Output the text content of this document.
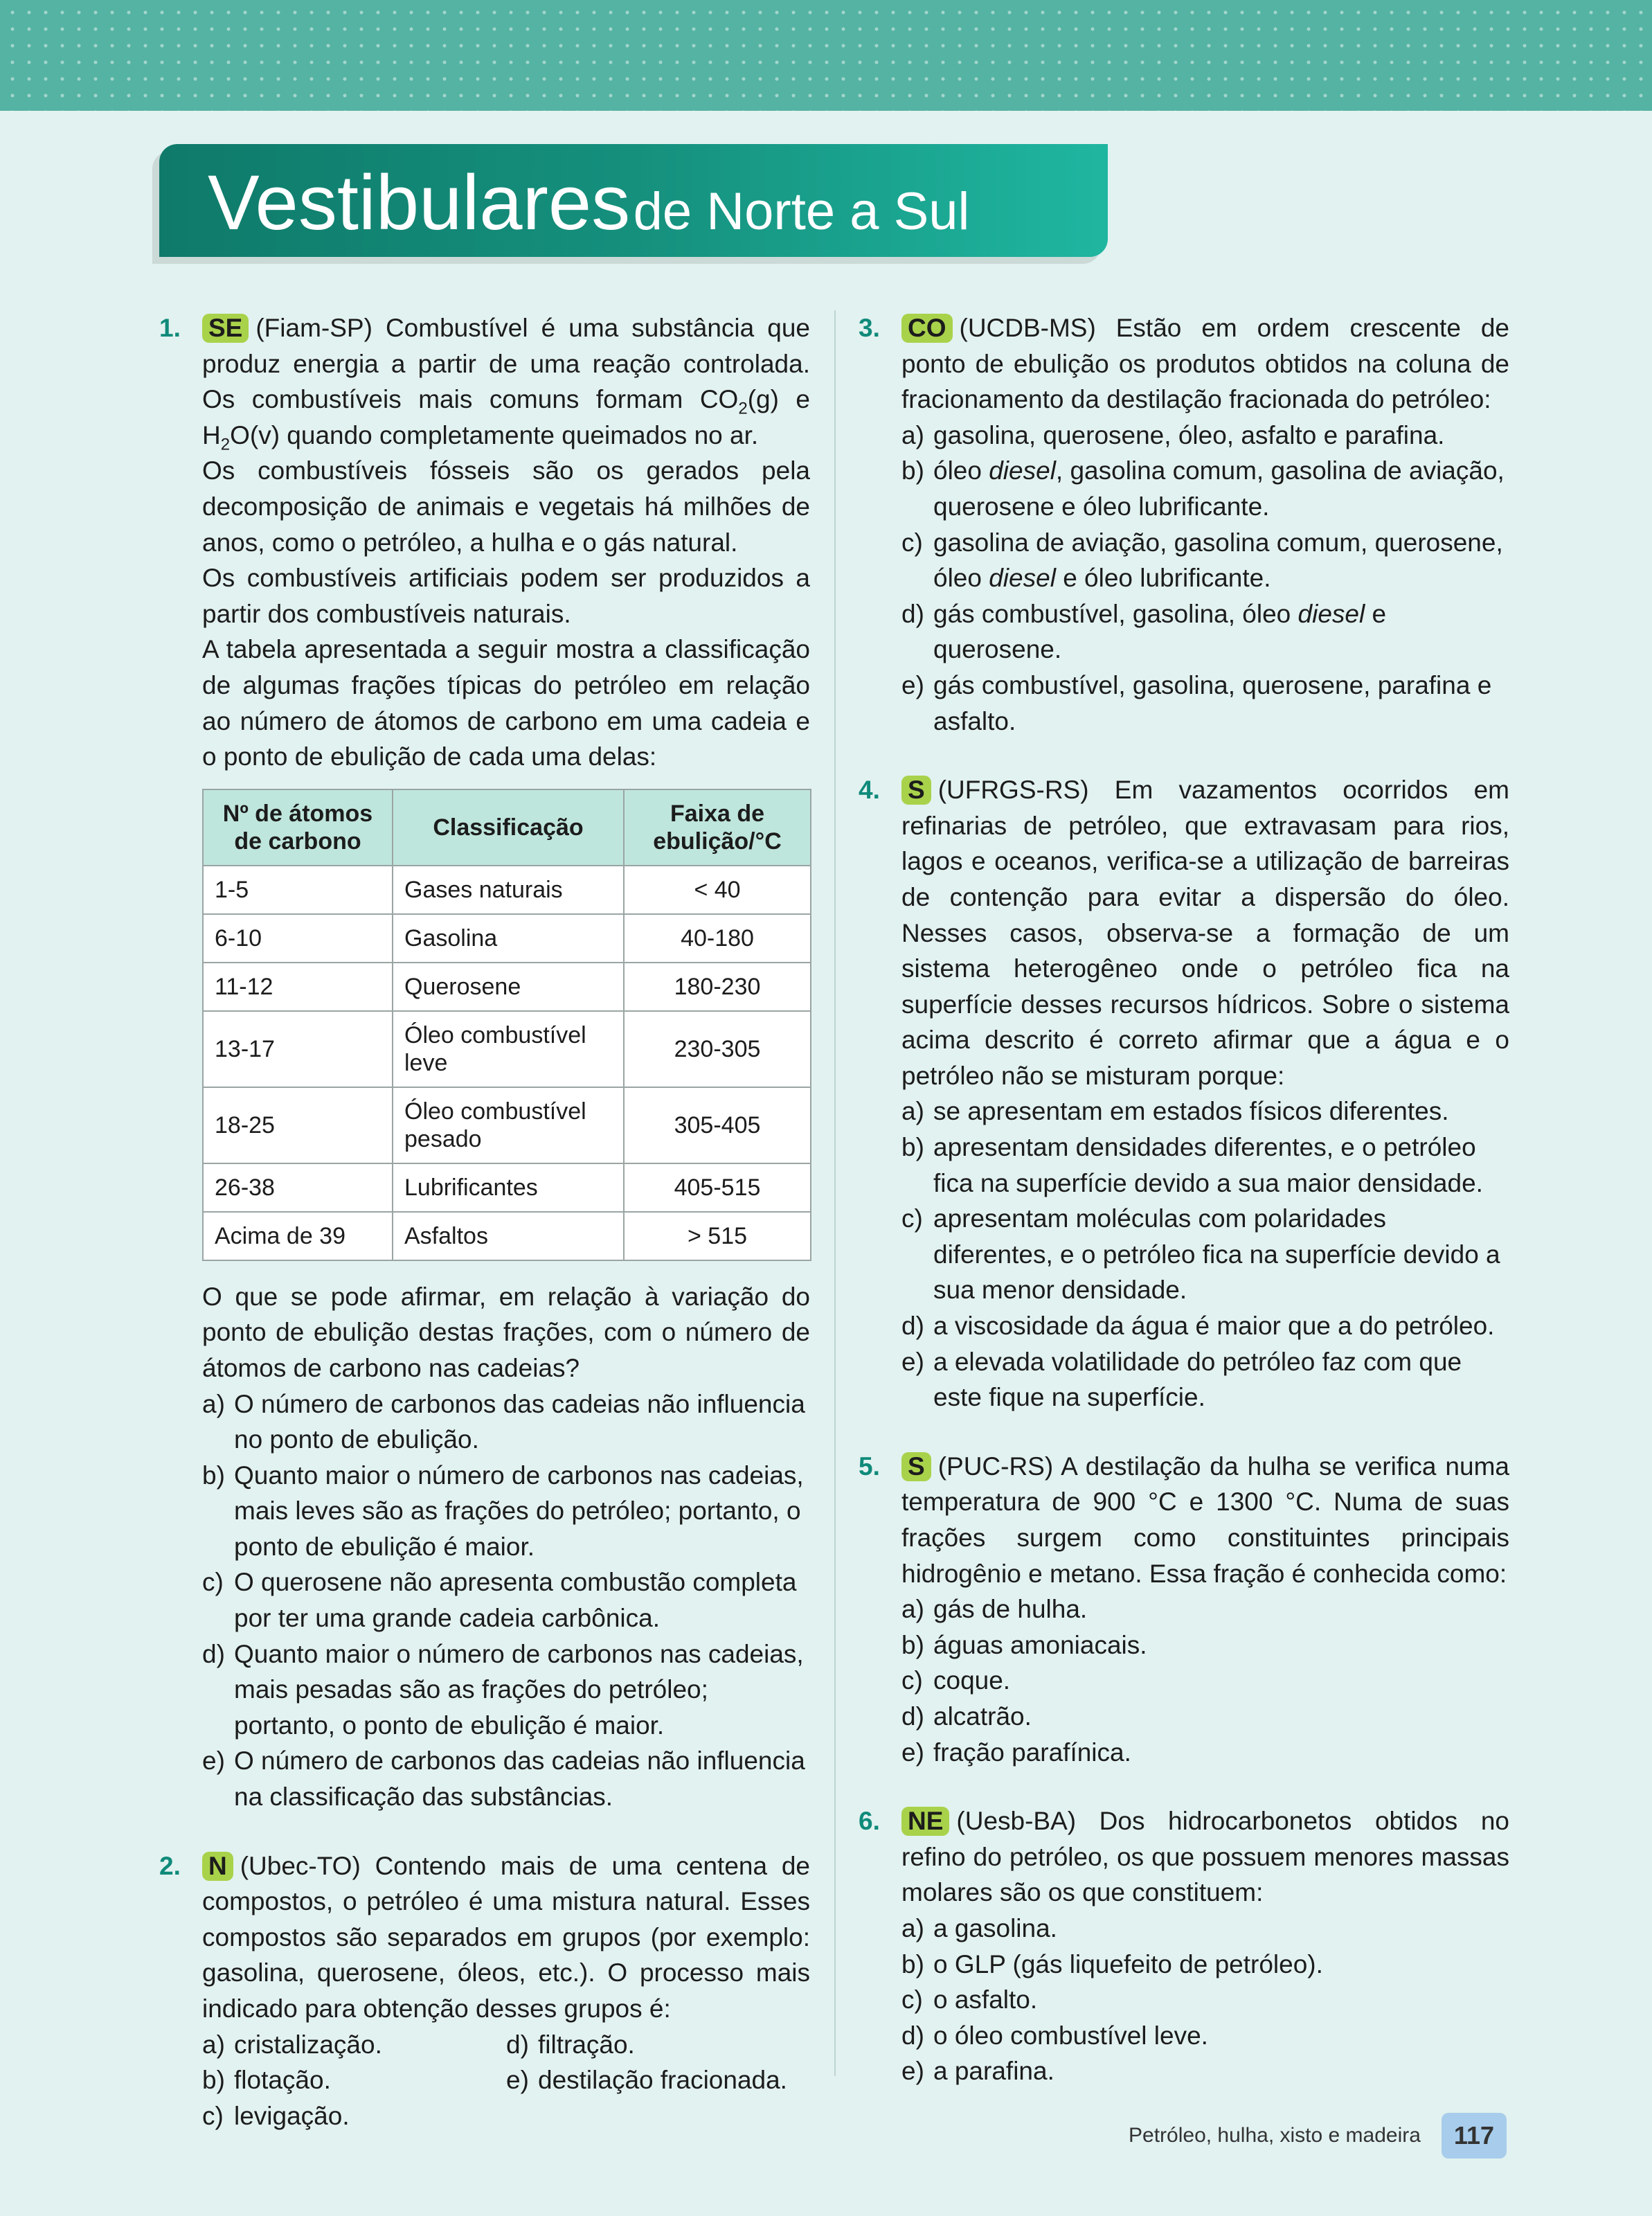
Vestibulares de Norte a Sul
1. SE (Fiam-SP) Combustível é uma substância que produz energia a partir de uma reação controlada. Os combustíveis mais comuns formam $CO_2(g)$ e $H_2O(v)$ quando completamente queimados no ar.

Os combustíveis fósseis são os gerados pela decomposição de animais e vegetais há milhões de anos, como o petróleo, a hulha e o gás natural.

Os combustíveis artificiais podem ser produzidos a partir dos combustíveis naturais.

A tabela apresentada a seguir mostra a classificação de algumas frações típicas do petróleo em relação ao número de átomos de carbono em uma cadeia e o ponto de ebulição de cada uma delas:

Nº de átomos de carbono	Classificação	Faixa de ebulição/°C
1-5	Gases naturais	< 40
6-10	Gasolina	40-180
11-12	Querosene	180-230
13-17	Óleo combustível leve	230-305
18-25	Óleo combustível pesado	305-405
26-38	Lubrificantes	405-515
Acima de 39	Asfaltos	> 515

O que se pode afirmar, em relação à variação do ponto de ebulição destas frações, com o número de átomos de carbono nas cadeias?

a) O número de carbonos das cadeias não influencia no ponto de ebulição.
b) Quanto maior o número de carbonos nas cadeias, mais leves são as frações do petróleo; portanto, o ponto de ebulição é maior.
c) O querosene não apresenta combustão completa por ter uma grande cadeia carbônica.
d) Quanto maior o número de carbonos nas cadeias, mais pesadas são as frações do petróleo; portanto, o ponto de ebulição é maior.
e) O número de carbonos das cadeias não influencia na classificação das substâncias.
2. N (Ubec-TO) Contendo mais de uma centena de compostos, o petróleo é uma mistura natural. Esses compostos são separados em grupos (por exemplo: gasolina, querosene, óleos, etc.). O processo mais indicado para obtenção desses grupos é:

a) cristalização.	d) filtração.
b) flotação.	e) destilação fracionada.
c) levigação.
3. CO (UCDB-MS) Estão em ordem crescente de ponto de ebulição os produtos obtidos na coluna de fracionamento da destilação fracionada do petróleo:

a) gasolina, querosene, óleo, asfalto e parafina.
b) óleo diesel, gasolina comum, gasolina de aviação, querosene e óleo lubrificante.
c) gasolina de aviação, gasolina comum, querosene, óleo diesel e óleo lubrificante.
d) gás combustível, gasolina, óleo diesel e querosene.
e) gás combustível, gasolina, querosene, parafina e asfalto.
4. S (UFRGS-RS) Em vazamentos ocorridos em refinarias de petróleo, que extravasam para rios, lagos e oceanos, verifica-se a utilização de barreiras de contenção para evitar a dispersão do óleo. Nesses casos, observa-se a formação de um sistema heterogêneo onde o petróleo fica na superfície desses recursos hídricos. Sobre o sistema acima descrito é correto afirmar que a água e o petróleo não se misturam porque:

a) se apresentam em estados físicos diferentes.
b) apresentam densidades diferentes, e o petróleo fica na superfície devido a sua maior densidade.
c) apresentam moléculas com polaridades diferentes, e o petróleo fica na superfície devido a sua menor densidade.
d) a viscosidade da água é maior que a do petróleo.
e) a elevada volatilidade do petróleo faz com que este fique na superfície.
5. S (PUC-RS) A destilação da hulha se verifica numa temperatura de 900 °C e 1300 °C. Numa de suas frações surgem como constituintes principais hidrogênio e metano. Essa fração é conhecida como:

a) gás de hulha.
b) águas amoniacais.
c) coque.
d) alcatrão.
e) fração parafínica.
6. NE (Uesb-BA) Dos hidrocarbonetos obtidos no refino do petróleo, os que possuem menores massas molares são os que constituem:

a) a gasolina.
b) o GLP (gás liquefeito de petróleo).
c) o asfalto.
d) o óleo combustível leve.
e) a parafina.
Petróleo, hulha, xisto e madeira	117
